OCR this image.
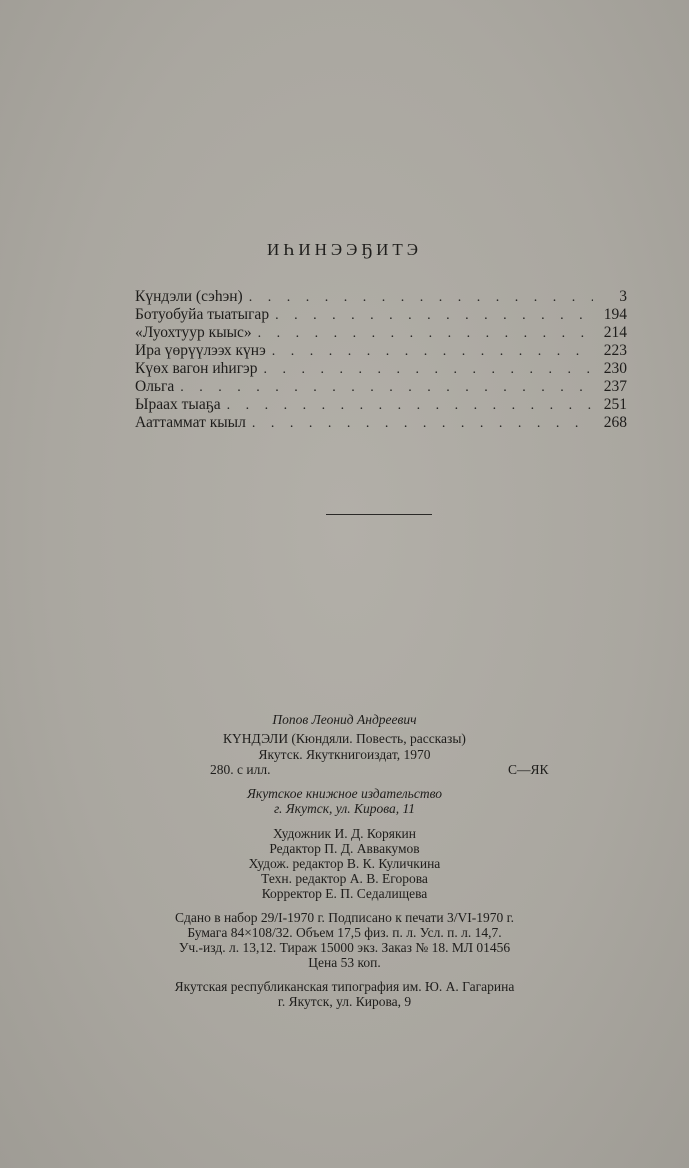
ИҺИНЭЭҔИТЭ
Күндэли (сэһэн) . . .	3
Ботуобуйа тыатыгар . . .	194
«Луохтуур кыыс» . . .	214
Ира үөрүүлээх күнэ . . .	223
Күөх вагон иһигэр . . .	230
Ольга . . .	237
Ыраах тыаҕа . . .	251
Ааттаммат кыыл . . .	268
Попов Леонид Андреевич
КҮНДЭЛИ (Кюндяли. Повесть, рассказы)
Якутск. Якуткнигоиздат, 1970
280. с илл.	С—ЯК
Якутское книжное издательство
г. Якутск, ул. Кирова, 11
Художник И. Д. Корякин
Редактор П. Д. Аввакумов
Худож. редактор В. К. Куличкина
Техн. редактор А. В. Егорова
Корректор Е. П. Седалищева
Сдано в набор 29/I-1970 г. Подписано к печати 3/VI-1970 г.
Бумага 84×108/32. Объем 17,5 физ. п. л. Усл. п. л. 14,7.
Уч.-изд. л. 13,12. Тираж 15000 экз. Заказ № 18. МЛ 01456
Цена 53 коп.
Якутская республиканская типография им. Ю. А. Гагарина
г. Якутск, ул. Кирова, 9
